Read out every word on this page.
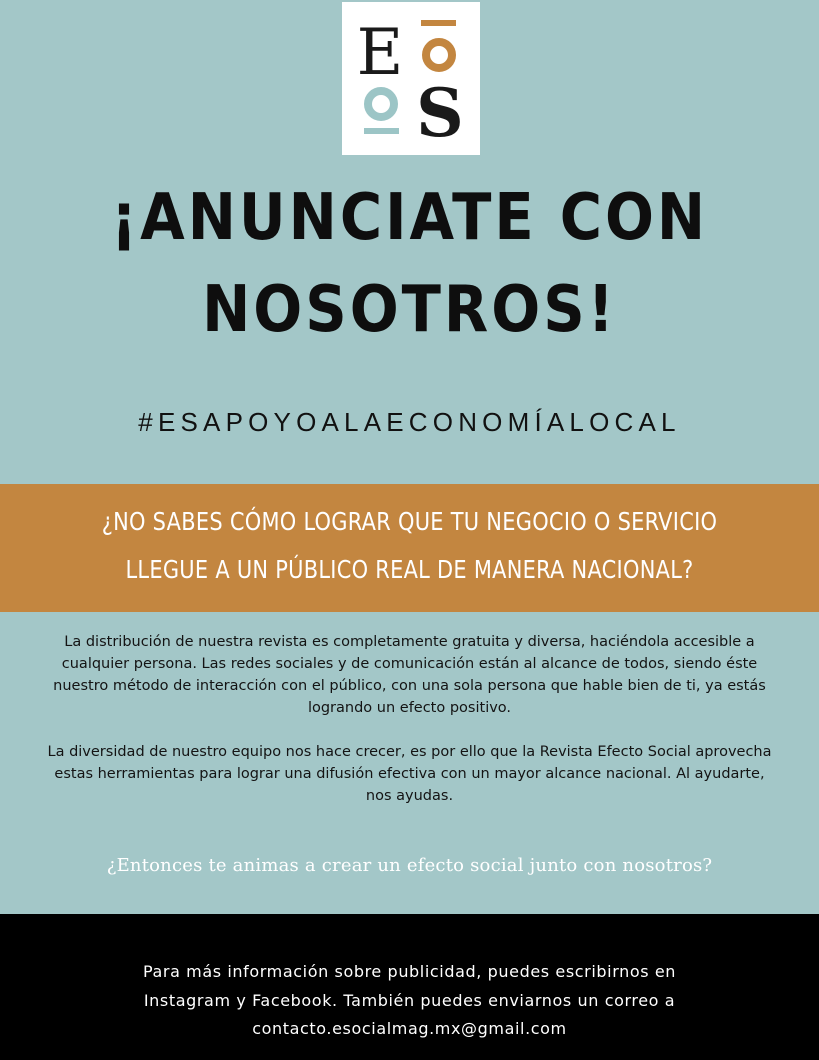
E
S
¡ANUNCIATE CON
NOSOTROS!
#ESAPOYOALAECONOMÍALOCAL
¿NO SABES CÓMO LOGRAR QUE TU NEGOCIO O SERVICIO
LLEGUE A UN PÚBLICO REAL DE MANERA NACIONAL?

La distribución de nuestra revista es completamente gratuita y diversa, haciéndola accesible a cualquier persona. Las redes sociales y de comunicación están al alcance de todos, siendo éste nuestro método de interacción con el público, con una sola persona que hable bien de ti, ya estás logrando un efecto positivo.

La diversidad de nuestro equipo nos hace crecer, es por ello que la Revista Efecto Social aprovecha estas herramientas para lograr una difusión efectiva con un mayor alcance nacional. Al ayudarte, nos ayudas.

¿Entonces te animas a crear un efecto social junto con nosotros?
Para más información sobre publicidad, puedes escribirnos en
Instagram y Facebook. También puedes enviarnos un correo a
contacto.esocialmag.mx@gmail.com
